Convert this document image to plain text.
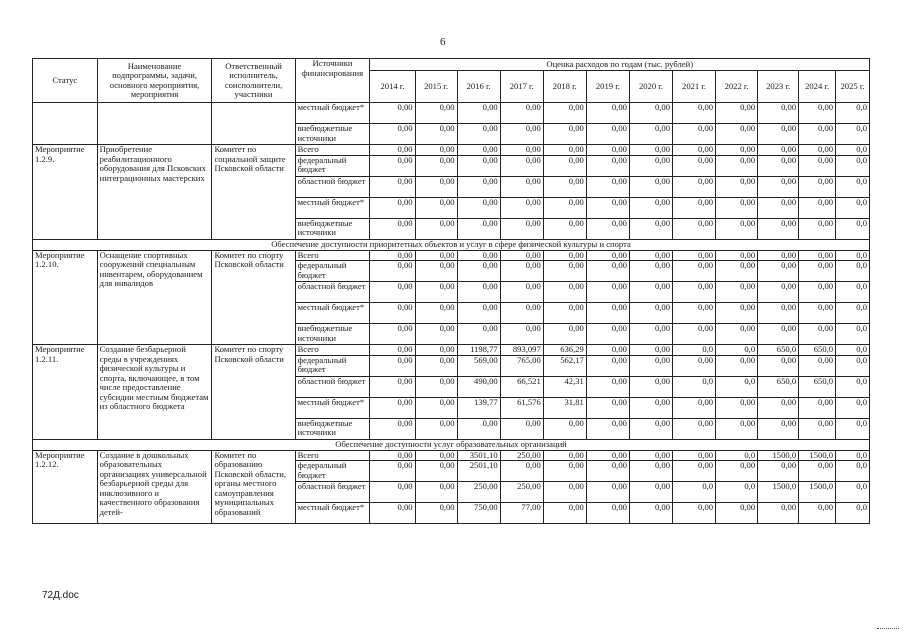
6
Статус	Наименование подпрограммы, задачи, основного мероприятия, мероприятия	Ответственный исполнитель, соисполнители, участники	Источники финансирования	Оценка расходов по годам (тыс. рублей)											
				2014 г.	2015 г.	2016 г.	2017 г.	2018 г.	2019 г.	2020 г.	2021 г.	2022 г.	2023 г.	2024 г.	2025 г.
			местный бюджет*	0,00	0,00	0,00	0,00	0,00	0,00	0,00	0,00	0,00	0,00	0,00	0,0
			внебюджетные источники	0,00	0,00	0,00	0,00	0,00	0,00	0,00	0,00	0,00	0,00	0,00	0,0
Мероприятие 1.2.9.	Приобретение реабилитационного оборудования для Псковских интеграционных мастерских	Комитет по социальной защите Псковской области	Всего	0,00	0,00	0,00	0,00	0,00	0,00	0,00	0,00	0,00	0,00	0,00	0,0
			федеральный бюджет	0,00	0,00	0,00	0,00	0,00	0,00	0,00	0,00	0,00	0,00	0,00	0,0
			областной бюджет	0,00	0,00	0,00	0,00	0,00	0,00	0,00	0,00	0,00	0,00	0,00	0,0
			местный бюджет*	0,00	0,00	0,00	0,00	0,00	0,00	0,00	0,00	0,00	0,00	0,00	0,0
			внебюджетные источники	0,00	0,00	0,00	0,00	0,00	0,00	0,00	0,00	0,00	0,00	0,00	0,0
Обеспечение доступности приоритетных объектов и услуг в сфере физической культуры и спорта															
Мероприятие 1.2.10.	Оснащение спортивных сооружений специальным инвентарем, оборудованием для инвалидов	Комитет по спорту Псковской области	Всего	0,00	0,00	0,00	0,00	0,00	0,00	0,00	0,00	0,00	0,00	0,00	0,0
			федеральный бюджет	0,00	0,00	0,00	0,00	0,00	0,00	0,00	0,00	0,00	0,00	0,00	0,0
			областной бюджет	0,00	0,00	0,00	0,00	0,00	0,00	0,00	0,00	0,00	0,00	0,00	0,0
			местный бюджет*	0,00	0,00	0,00	0,00	0,00	0,00	0,00	0,00	0,00	0,00	0,00	0,0
			внебюджетные источники	0,00	0,00	0,00	0,00	0,00	0,00	0,00	0,00	0,00	0,00	0,00	0,0
Мероприятие 1.2.11.	Создание безбарьерной среды в учреждениях физической культуры и спорта, включающее, в том числе предоставление субсидии местным бюджетам из областного бюджета	Комитет по спорту Псковской области	Всего	0,00	0,00	1198,77	893,097	636,29	0,00	0,00	0,0	0,0	650,0	650,0	0,0
			федеральный бюджет	0,00	0,00	569,00	765,00	562,17	0,00	0,00	0,00	0,00	0,00	0,00	0,0
			областной бюджет	0,00	0,00	490,00	66,521	42,31	0,00	0,00	0,0	0,0	650,0	650,0	0,0
			местный бюджет*	0,00	0,00	139,77	61,576	31,81	0,00	0,00	0,00	0,00	0,00	0,00	0,0
			внебюджетные источники	0,00	0,00	0,00	0,00	0,00	0,00	0,00	0,00	0,00	0,00	0,00	0,0
Обеспечение доступности услуг образовательных организаций															
Мероприятие 1.2.12.	Создание в дошкольных образовательных организациях универсальной безбарьерной среды для инклюзивного и качественного образования детей-	Комитет по образованию Псковской области, органы местного самоуправления муниципальных образований	Всего	0,00	0,00	3501,10	250,00	0,00	0,00	0,00	0,00	0,0	1500,0	1500,0	0,0
			федеральный бюджет	0,00	0,00	2501,10	0,00	0,00	0,00	0,00	0,00	0,00	0,00	0,00	0,0
			областной бюджет	0,00	0,00	250,00	250,00	0,00	0,00	0,00	0,0	0,0	1500,0	1500,0	0,0
			местный бюджет*	0,00	0,00	750,00	77,00	0,00	0,00	0,00	0,00	0,00	0,00	0,00	0,0
72Д.doc
